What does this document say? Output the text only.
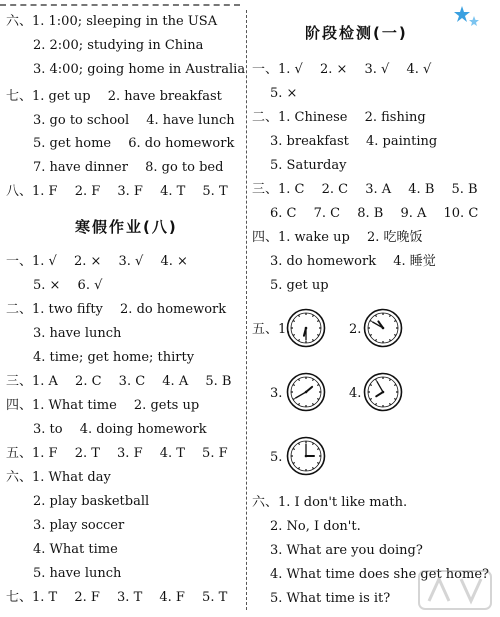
六、1. 1:00; sleeping in the USA
2. 2:00; studying in China
3. 4:00; going home in Australia
七、1. get up　 2. have breakfast
3. go to school　 4. have lunch
5. get home　 6. do homework
7. have dinner　 8. go to bed
八、1. F　 2. F　 3. F　 4. T　 5. T
寒假作业(八)
一、1. √　 2. ×　 3. √　 4. ×
5. ×　 6. √
二、1. two fifty　 2. do homework
3. have lunch
4. time; get home; thirty
三、1. A　 2. C　 3. C　 4. A　 5. B
四、1. What time　 2. gets up
3. to　 4. doing homework
五、1. F　 2. T　 3. F　 4. T　 5. F
六、1. What day
2. play basketball
3. play soccer
4. What time
5. have lunch
七、1. T　 2. F　 3. T　 4. F　 5. T
阶段检测(一)
一、1. √　 2. ×　 3. √　 4. √
5. ×
二、1. Chinese　 2. fishing
3. breakfast　 4. painting
5. Saturday
三、1. C　 2. C　 3. A　 4. B　 5. B
6. C　 7. C　 8. B　 9. A　 10. C
四、1. wake up　 2. 吃晚饭
3. do homework　 4. 睡觉
5. get up
五、1.	2.
3.	4.
5.
六、1. I don't like math.
2. No, I don't.
3. What are you doing?
4. What time does she get home?
5. What time is it?
